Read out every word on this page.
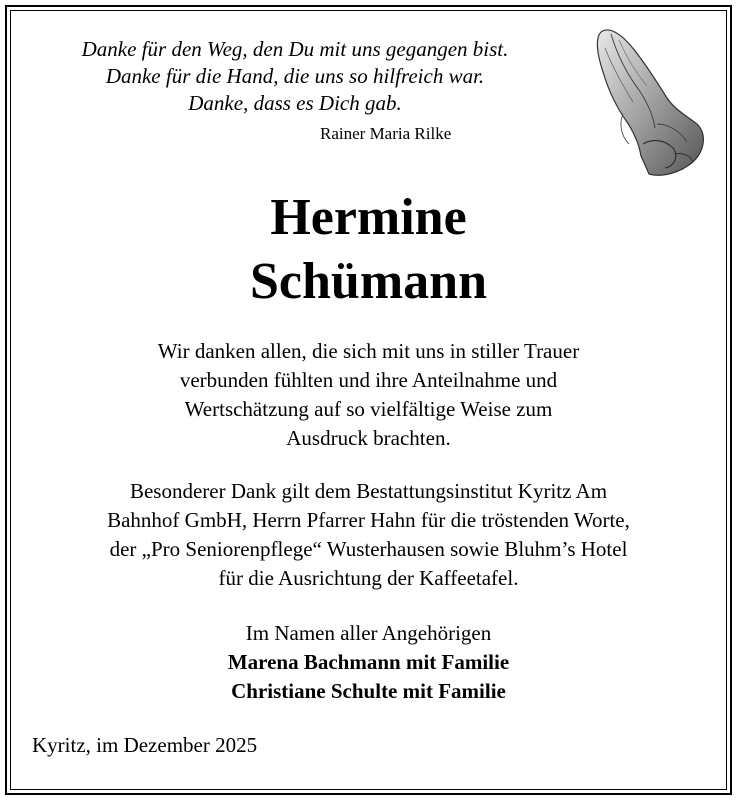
Danke für den Weg, den Du mit uns gegangen bist.
Danke für die Hand, die uns so hilfreich war.
Danke, dass es Dich gab.
Rainer Maria Rilke
Hermine
Schümann
Wir danken allen, die sich mit uns in stiller Trauer
verbunden fühlten und ihre Anteilnahme und
Wertschätzung auf so vielfältige Weise zum
Ausdruck brachten.
Besonderer Dank gilt dem Bestattungsinstitut Kyritz Am
Bahnhof GmbH, Herrn Pfarrer Hahn für die tröstenden Worte,
der „Pro Seniorenpflege“ Wusterhausen sowie Bluhm’s Hotel
für die Ausrichtung der Kaffeetafel.
Im Namen aller Angehörigen
Marena Bachmann mit Familie
Christiane Schulte mit Familie
Kyritz, im Dezember 2025
